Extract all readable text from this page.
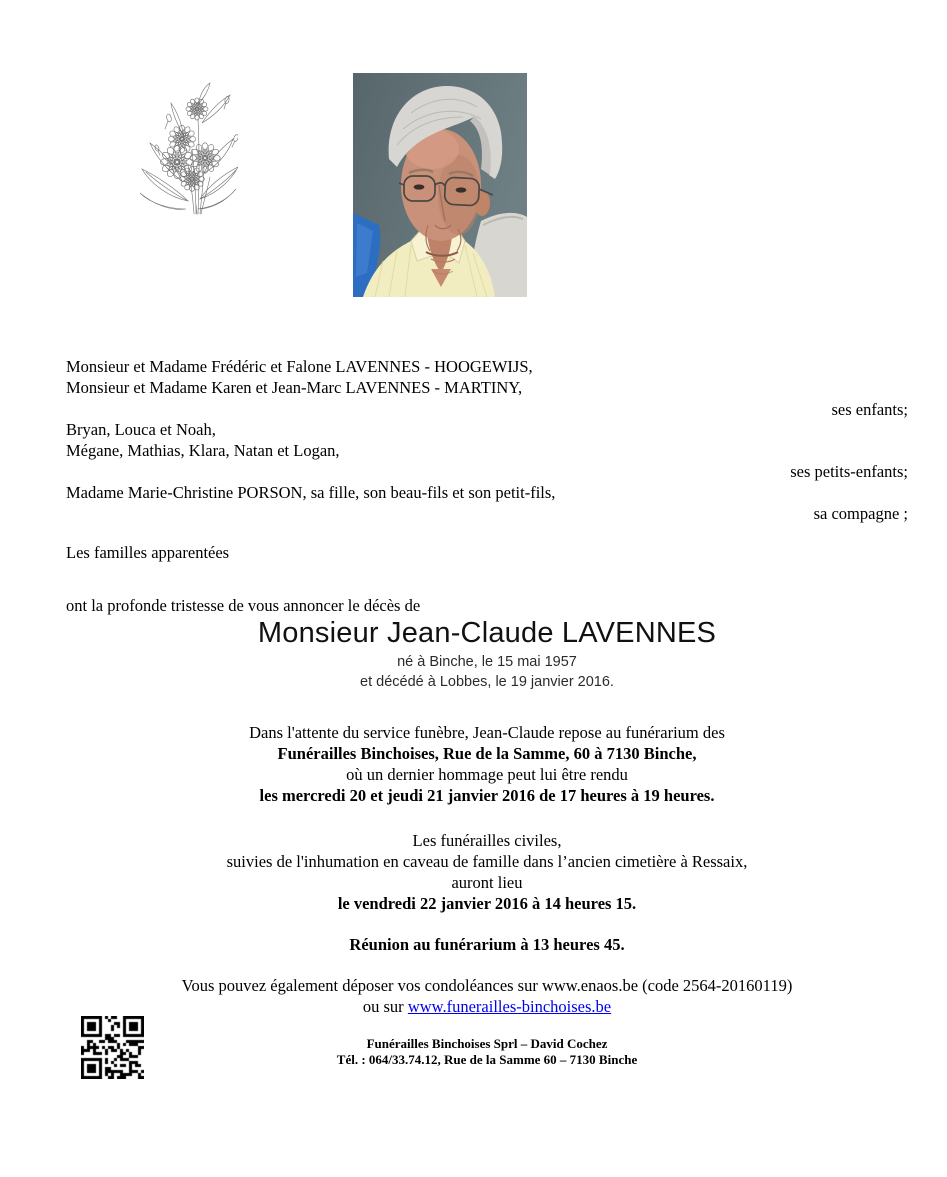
Monsieur et Madame Frédéric et Falone LAVENNES - HOOGEWIJS,
Monsieur et Madame Karen et Jean-Marc LAVENNES - MARTINY,
ses enfants;
Bryan, Louca et Noah,
Mégane, Mathias, Klara, Natan et Logan,
ses petits-enfants;
Madame Marie-Christine PORSON, sa fille, son beau-fils et son petit-fils,
sa compagne ;
Les familles apparentées
ont la profonde tristesse de vous annoncer le décès de
Monsieur Jean-Claude LAVENNES
né à Binche, le 15 mai 1957
et décédé à Lobbes, le 19 janvier 2016.
Dans l'attente du service funèbre, Jean-Claude repose au funérarium des
Funérailles Binchoises, Rue de la Samme, 60 à 7130 Binche,
où un dernier hommage peut lui être rendu
les mercredi 20 et jeudi 21 janvier 2016 de 17 heures à 19 heures.
Les funérailles civiles,
suivies de l'inhumation en caveau de famille dans l’ancien cimetière à Ressaix,
auront lieu
le vendredi 22 janvier 2016 à 14 heures 15.
Réunion au funérarium à 13 heures 45.
Vous pouvez également déposer vos condoléances sur www.enaos.be (code 2564-20160119)
ou sur www.funerailles-binchoises.be
Funérailles Binchoises Sprl – David Cochez
Tél. : 064/33.74.12, Rue de la Samme 60 – 7130 Binche
